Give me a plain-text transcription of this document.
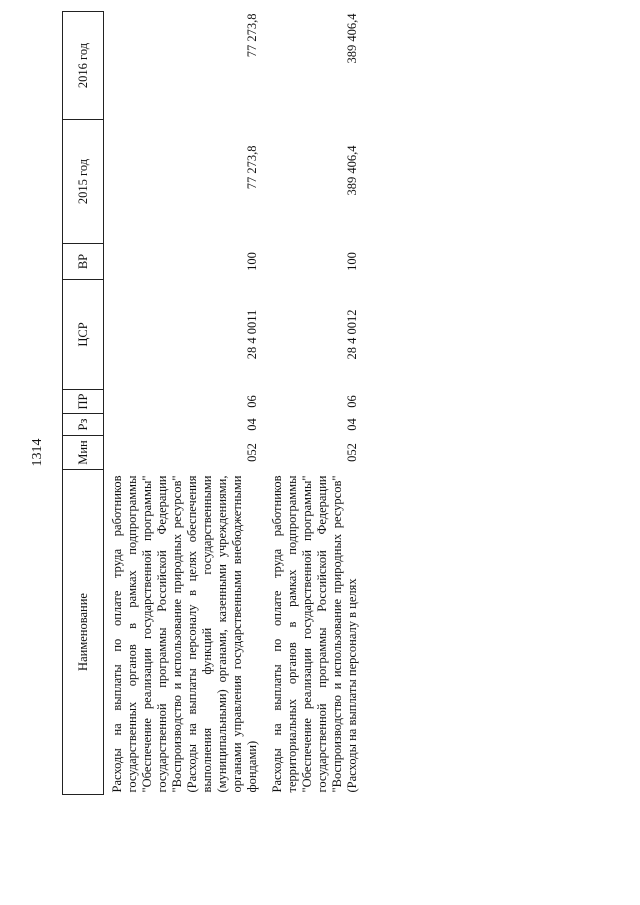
1314
Наименование	Мин	Рз	ПР	ЦСР	ВР	2015 год	2016 год
Расходы на выплаты по оплате труда работников государственных органов в рамках подпрограммы "Обеспечение реализации государственной программы" государственной программы Российской Федерации "Воспроизводство и использование природных ресурсов" (Расходы на выплаты персоналу в целях обеспечения выполнения функций государственными (муниципальными) органами, казенными учреждениями, органами управления государственными внебюджетными фондами)	052	04	06	28 4 0011	100	77 273,8	77 273,8
Расходы на выплаты по оплате труда работников территориальных органов в рамках подпрограммы "Обеспечение реализации государственной программы" государственной программы Российской Федерации "Воспроизводство и использование природных ресурсов" (Расходы на выплаты персоналу в целях	052	04	06	28 4 0012	100	389 406,4	389 406,4
